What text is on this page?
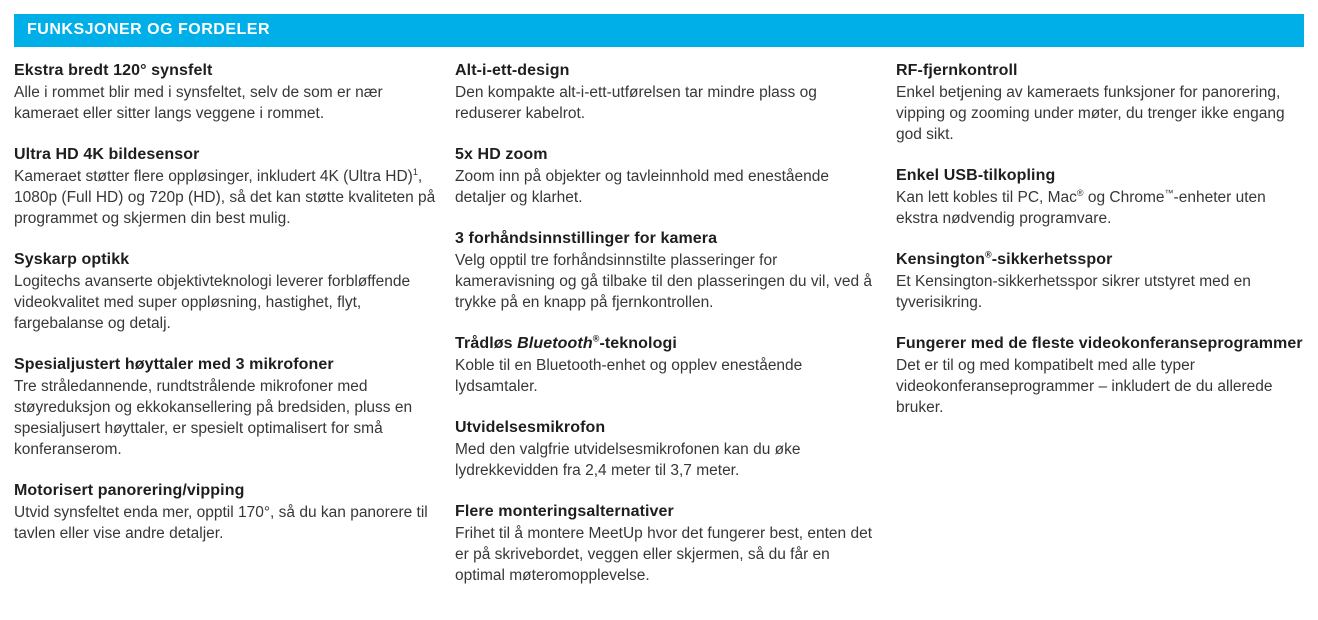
FUNKSJONER OG FORDELER
Ekstra bredt 120° synsfelt

Alle i rommet blir med i synsfeltet, selv de som er nær kameraet eller sitter langs veggene i rommet.

Ultra HD 4K bildesensor

Kameraet støtter flere oppløsinger, inkludert 4K (Ultra HD)$^1$, 1080p (Full HD) og 720p (HD), så det kan støtte kvaliteten på programmet og skjermen din best mulig.

Syskarp optikk

Logitechs avanserte objektivteknologi leverer forbløffende videokvalitet med super oppløsning, hastighet, flyt, fargebalanse og detalj.

Spesialjustert høyttaler med 3 mikrofoner

Tre stråledannende, rundtstrålende mikrofoner med støyreduksjon og ekkokansellering på bredsiden, pluss en spesialjusert høyttaler, er spesielt optimalisert for små konferanserom.

Motorisert panorering/vipping

Utvid synsfeltet enda mer, opptil 170°, så du kan panorere til tavlen eller vise andre detaljer.

Alt-i-ett-design

Den kompakte alt-i-ett-utførelsen tar mindre plass og reduserer kabelrot.

5x HD zoom

Zoom inn på objekter og tavleinnhold med enestående detaljer og klarhet.

3 forhåndsinnstillinger for kamera

Velg opptil tre forhåndsinnstilte plasseringer for kameravisning og gå tilbake til den plasseringen du vil, ved å trykke på en knapp på fjernkontrollen.

Trådløs Bluetooth®-teknologi

Koble til en Bluetooth-enhet og opplev enestående lydsamtaler.

Utvidelsesmikrofon

Med den valgfrie utvidelsesmikrofonen kan du øke lydrekkevidden fra 2,4 meter til 3,7 meter.

Flere monteringsalternativer

Frihet til å montere MeetUp hvor det fungerer best, enten det er på skrivebordet, veggen eller skjermen, så du får en optimal møteromopplevelse.

RF-fjernkontroll

Enkel betjening av kameraets funksjoner for panorering, vipping og zooming under møter, du trenger ikke engang god sikt.

Enkel USB-tilkopling

Kan lett kobles til PC, Mac® og Chrome™-enheter uten ekstra nødvendig programvare.

Kensington®-sikkerhetsspor

Et Kensington-sikkerhetsspor sikrer utstyret med en tyverisikring.

Fungerer med de fleste videokonferanseprogrammer

Det er til og med kompatibelt med alle typer videokonferanseprogrammer – inkludert de du allerede bruker.
